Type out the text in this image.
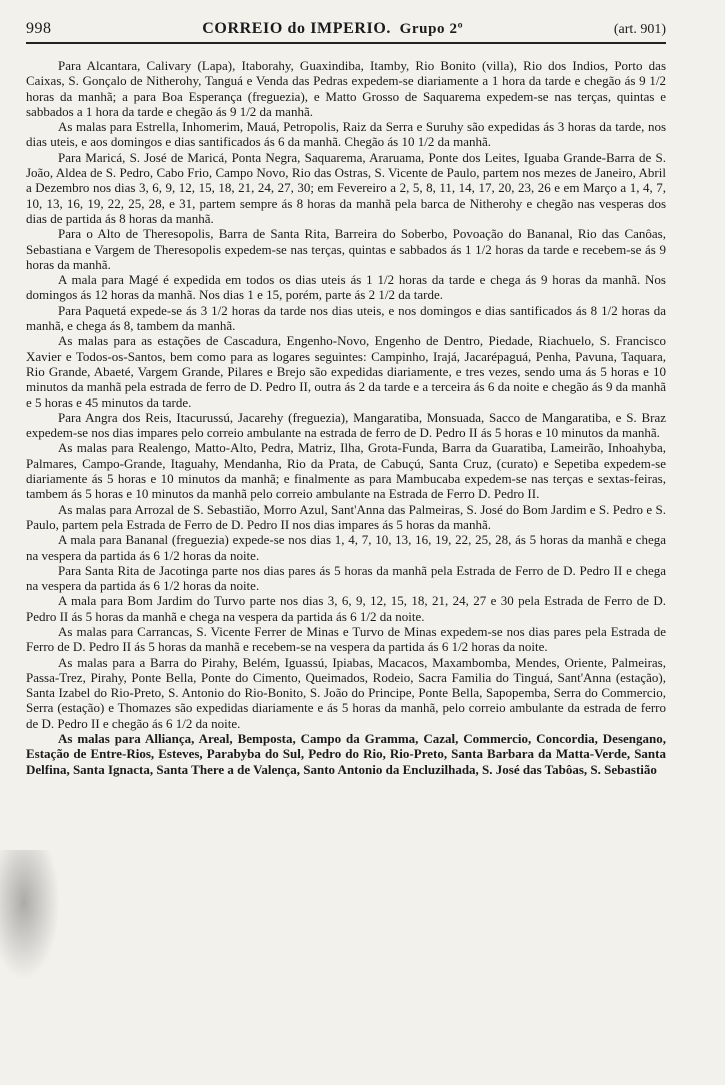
998	CORREIO do IMPERIO. Grupo 2º	(art. 901)

Para Alcantara, Calivary (Lapa), Itaborahy, Guaxindiba, Itamby, Rio Bonito (villa), Rio dos Indios, Porto das Caixas, S. Gonçalo de Nitherohy, Tanguá e Venda das Pedras expedem-se diariamente a 1 hora da tarde e chegão ás 9 1/2 horas da manhã; a para Boa Esperança (freguezia), e Matto Grosso de Saquarema expedem-se nas terças, quintas e sabbados a 1 hora da tarde e chegão ás 9 1/2 da manhã.

As malas para Estrella, Inhomerim, Mauá, Petropolis, Raiz da Serra e Suruhy são expedidas ás 3 horas da tarde, nos dias uteis, e aos domingos e dias santificados ás 6 da manhã. Chegão ás 10 1/2 da manhã.

Para Maricá, S. José de Maricá, Ponta Negra, Saquarema, Araruama, Ponte dos Leites, Iguaba Grande-Barra de S. João, Aldea de S. Pedro, Cabo Frio, Campo Novo, Rio das Ostras, S. Vicente de Paulo, partem nos mezes de Janeiro, Abril a Dezembro nos dias 3, 6, 9, 12, 15, 18, 21, 24, 27, 30; em Fevereiro a 2, 5, 8, 11, 14, 17, 20, 23, 26 e em Março a 1, 4, 7, 10, 13, 16, 19, 22, 25, 28, e 31, partem sempre ás 8 horas da manhã pela barca de Nitherohy e chegão nas vesperas dos dias de partida ás 8 horas da manhã.

Para o Alto de Theresopolis, Barra de Santa Rita, Barreira do Soberbo, Povoação do Bananal, Rio das Canôas, Sebastiana e Vargem de Theresopolis expedem-se nas terças, quintas e sabbados ás 1 1/2 horas da tarde e recebem-se ás 9 horas da manhã.

A mala para Magé é expedida em todos os dias uteis ás 1 1/2 horas da tarde e chega ás 9 horas da manhã. Nos domingos ás 12 horas da manhã. Nos dias 1 e 15, porém, parte ás 2 1/2 da tarde.

Para Paquetá expede-se ás 3 1/2 horas da tarde nos dias uteis, e nos domingos e dias santificados ás 8 1/2 horas da manhã, e chega ás 8, tambem da manhã.

As malas para as estações de Cascadura, Engenho-Novo, Engenho de Dentro, Piedade, Riachuelo, S. Francisco Xavier e Todos-os-Santos, bem como para as logares seguintes: Campinho, Irajá, Jacarépaguá, Penha, Pavuna, Taquara, Rio Grande, Abaeté, Vargem Grande, Pilares e Brejo são expedidas diariamente, e tres vezes, sendo uma ás 5 horas e 10 minutos da manhã pela estrada de ferro de D. Pedro II, outra ás 2 da tarde e a terceira ás 6 da noite e chegão ás 9 da manhã e 5 horas e 45 minutos da tarde.

Para Angra dos Reis, Itacurussú, Jacarehy (freguezia), Mangaratiba, Monsuada, Sacco de Mangaratiba, e S. Braz expedem-se nos dias impares pelo correio ambulante na estrada de ferro de D. Pedro II ás 5 horas e 10 minutos da manhã.

As malas para Realengo, Matto-Alto, Pedra, Matriz, Ilha, Grota-Funda, Barra da Guaratiba, Lameirão, Inhoahyba, Palmares, Campo-Grande, Itaguahy, Mendanha, Rio da Prata, de Cabuçú, Santa Cruz, (curato) e Sepetiba expedem-se diariamente ás 5 horas e 10 minutos da manhã; e finalmente as para Mambucaba expedem-se nas terças e sextas-feiras, tambem ás 5 horas e 10 minutos da manhã pelo correio ambulante na Estrada de Ferro D. Pedro II.

As malas para Arrozal de S. Sebastião, Morro Azul, Sant'Anna das Palmeiras, S. José do Bom Jardim e S. Pedro e S. Paulo, partem pela Estrada de Ferro de D. Pedro II nos dias impares ás 5 horas da manhã.

A mala para Bananal (freguezia) expede-se nos dias 1, 4, 7, 10, 13, 16, 19, 22, 25, 28, ás 5 horas da manhã e chega na vespera da partida ás 6 1/2 horas da noite.

Para Santa Rita de Jacotinga parte nos dias pares ás 5 horas da manhã pela Estrada de Ferro de D. Pedro II e chega na vespera da partida ás 6 1/2 horas da noite.

A mala para Bom Jardim do Turvo parte nos dias 3, 6, 9, 12, 15, 18, 21, 24, 27 e 30 pela Estrada de Ferro de D. Pedro II ás 5 horas da manhã e chega na vespera da partida ás 6 1/2 da noite.

As malas para Carrancas, S. Vicente Ferrer de Minas e Turvo de Minas expedem-se nos dias pares pela Estrada de Ferro de D. Pedro II ás 5 horas da manhã e recebem-se na vespera da partida ás 6 1/2 horas da noite.

As malas para a Barra do Pirahy, Belém, Iguassú, Ipiabas, Macacos, Maxambomba, Mendes, Oriente, Palmeiras, Passa-Trez, Pirahy, Ponte Bella, Ponte do Cimento, Queimados, Rodeio, Sacra Familia do Tinguá, Sant'Anna (estação), Santa Izabel do Rio-Preto, S. Antonio do Rio-Bonito, S. João do Principe, Ponte Bella, Sapopemba, Serra do Commercio, Serra (estação) e Thomazes são expedidas diariamente e ás 5 horas da manhã, pelo correio ambulante da estrada de ferro de D. Pedro II e chegão ás 6 1/2 da noite.

As malas para Alliança, Areal, Bemposta, Campo da Gramma, Cazal, Commercio, Concordia, Desengano, Estação de Entre-Rios, Esteves, Parabyba do Sul, Pedro do Rio, Rio-Preto, Santa Barbara da Matta-Verde, Santa Delfina, Santa Ignacta, Santa There a de Valença, Santo Antonio da Encluzilhada, S. José das Tabôas, S. Sebastião
